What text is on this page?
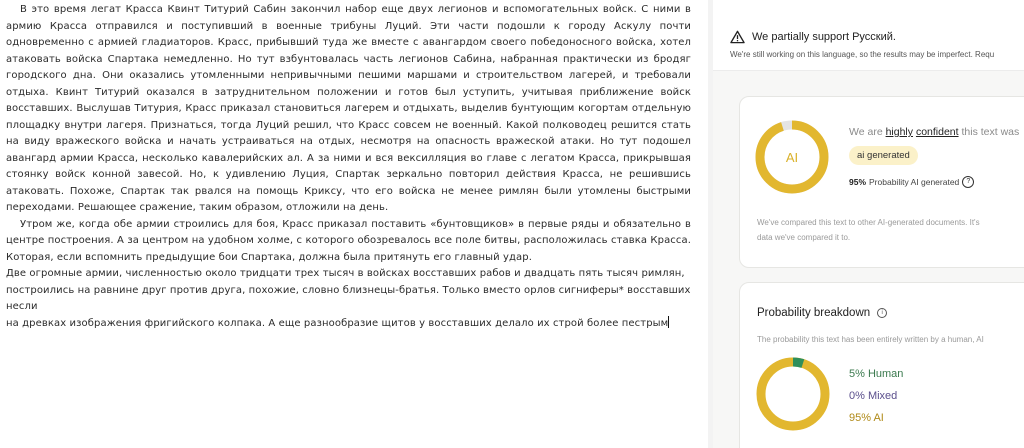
В это время легат Красса Квинт Титурий Сабин закончил набор еще двух легионов и вспомогательных войск. С ними в армию Красса отправился и поступивший в военные трибуны Луций. Эти части подошли к городу Аскулу почти одновременно с армией гладиаторов. Красс, прибывший туда же вместе с авангардом своего победоносного войска, хотел атаковать войска Спартака немедленно. Но тут взбунтовалась часть легионов Сабина, набранная практически из бродяг городского дна. Они оказались утомленными непривычными пешими маршами и строительством лагерей, и требовали отдыха. Квинт Титурий оказался в затруднительном положении и готов был уступить, учитывая приближение войск восставших. Выслушав Титурия, Красс приказал становиться лагерем и отдыхать, выделив бунтующим когортам отдельную площадку внутри лагеря. Признаться, тогда Луций решил, что Красс совсем не военный. Какой полководец решится стать на виду вражеского войска и начать устраиваться на отдых, несмотря на опасность вражеской атаки. Но тут подошел авангард армии Красса, несколько кавалерийских ал. А за ними и вся вексилляция во главе с легатом Красса, прикрывшая стоянку войск конной завесой. Но, к удивлению Луция, Спартак зеркально повторил действия Красса, не решившись атаковать. Похоже, Спартак так рвался на помощь Криксу, что его войска не менее римлян были утомлены быстрыми переходами. Решающее сражение, таким образом, отложили на день.

Утром же, когда обе армии строились для боя, Красс приказал поставить «бунтовщиков» в первые ряды и обязательно в центре построения. А за центром на удобном холме, с которого обозревалось все поле битвы, расположилась ставка Красса. Которая, если вспомнить предыдущие бои Спартака, должна была притянуть его главный удар.

Две огромные армии, численностью около тридцати трех тысяч в войсках восставших рабов и двадцать пять тысяч римлян,

построились на равнине друг против друга, похожие, словно близнецы-братья. Только вместо орлов сигниферы* восставших несли

на древках изображения фригийского колпака. А еще разнообразие щитов у восставших делало их строй более пестрым

We partially support Русский.
We're still working on this language, so the results may be imperfect. Requ
AI
We are highly confident this text was
ai generated
95% Probability AI generated	?
We've compared this text to other AI-generated documents. It's
data we've compared it to.
Probability breakdown	i
The probability this text has been entirely written by a human, AI
5% Human
0% Mixed
95% AI
